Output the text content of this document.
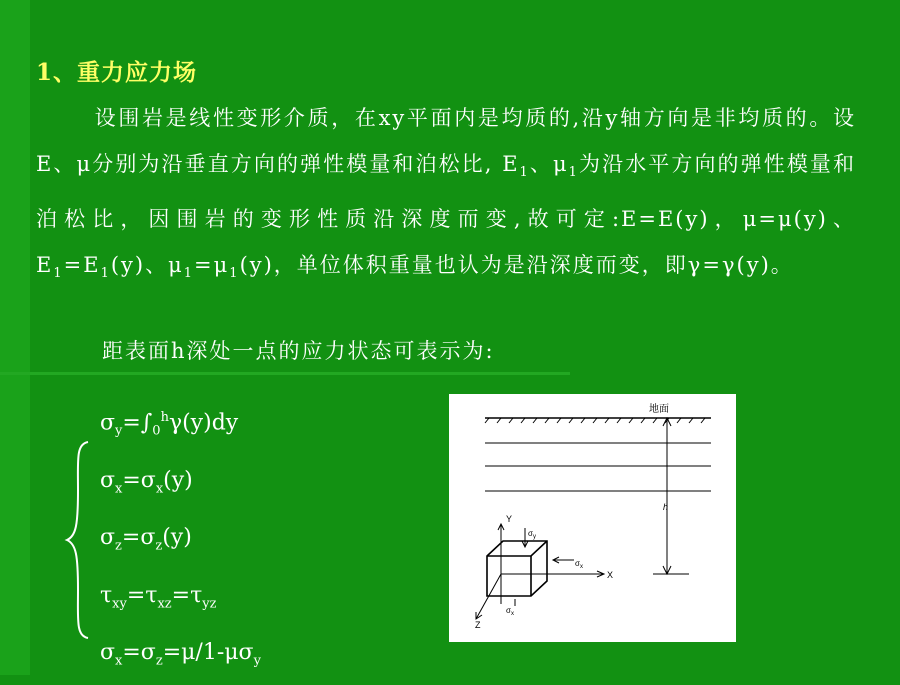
1、重力应力场
设围岩是线性变形介质，在xy平面内是均质的,沿y轴方向是非均质的。设E、μ分别为沿垂直方向的弹性模量和泊松比, $E_1$、$\mu_1$为沿水平方向的弹性模量和泊松比，因围岩的变形性质沿深度而变,故可定:E=E(y)，μ=μ(y)、$E_1=E_1(y)$、$\mu_1=\mu_1(y)$，单位体积重量也认为是沿深度而变，即γ=γ(y)。
距表面h深处一点的应力状态可表示为:
$\sigma_y=\int_0^h\gamma(y)dy$
$\sigma_x=\sigma_x(y)$
$\sigma_z=\sigma_z(y)$
$\tau_{xy}=\tau_{xz}=\tau_{yz}$
$\sigma_x=\sigma_z=\mu/1-\mu\sigma_y$
地面
h
Y
X
Z
$\sigma_y$
$\sigma_x$
$\sigma_x$
